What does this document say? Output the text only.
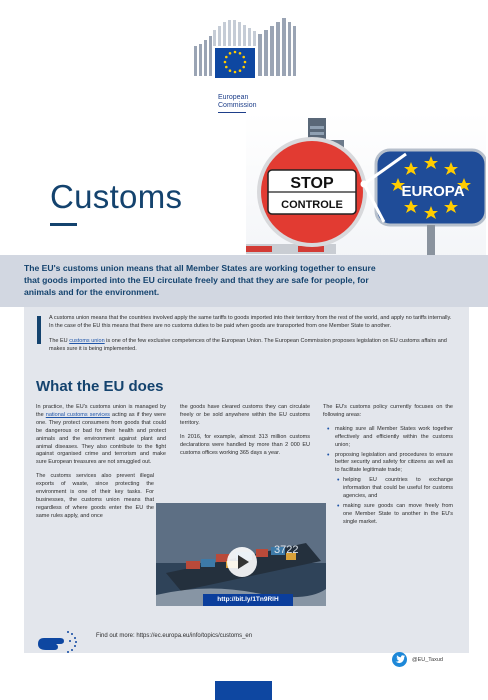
European
Commission
Customs	STOP
CONTROLE
EUROPA

The EU's customs union means that all Member States are working together to ensure that goods imported into the EU circulate freely and that they are safe for people, for animals and for the environment.

A customs union means that the countries involved apply the same tariffs to goods imported into their territory from the rest of the world, and apply no tariffs internally. In the case of the EU this means that there are no customs duties to be paid when goods are transported from one Member State to another.

The EU customs union is one of the few exclusive competences of the European Union. The European Commission proposes legislation on EU customs affairs and makes sure it is being implemented.

What the EU does

In practice, the EU's customs union is managed by the national customs services acting as if they were one. They protect consumers from goods that could be dangerous or bad for their health and protect animals and the environment against plant and animal diseases. They also contribute to the fight against organised crime and terrorism and make sure European treasures are not smuggled out.

The customs services also prevent illegal exports of waste, since protecting the environment is one of their key tasks. For businesses, the customs union means that regardless of where goods enter the EU the same rules apply, and once

the goods have cleared customs they can circulate freely or be sold anywhere within the EU customs territory.

In 2016, for example, almost 313 million customs declarations were handled by more than 2 000 EU customs offices working 365 days a year.

The EU's customs policy currently focuses on the following areas:

• making sure all Member States work together effectively and efficiently within the customs union;
• proposing legislation and procedures to ensure better security and safety for citizens as well as to facilitate legitimate trade;
• helping EU countries to exchange information that could be useful for customs agencies, and
• making sure goods can move freely from one Member State to another in the EU's single market.
3722
http://bit.ly/1Tn9RlH
Find out more: https://ec.europa.eu/info/topics/customs_en
@EU_Taxud
